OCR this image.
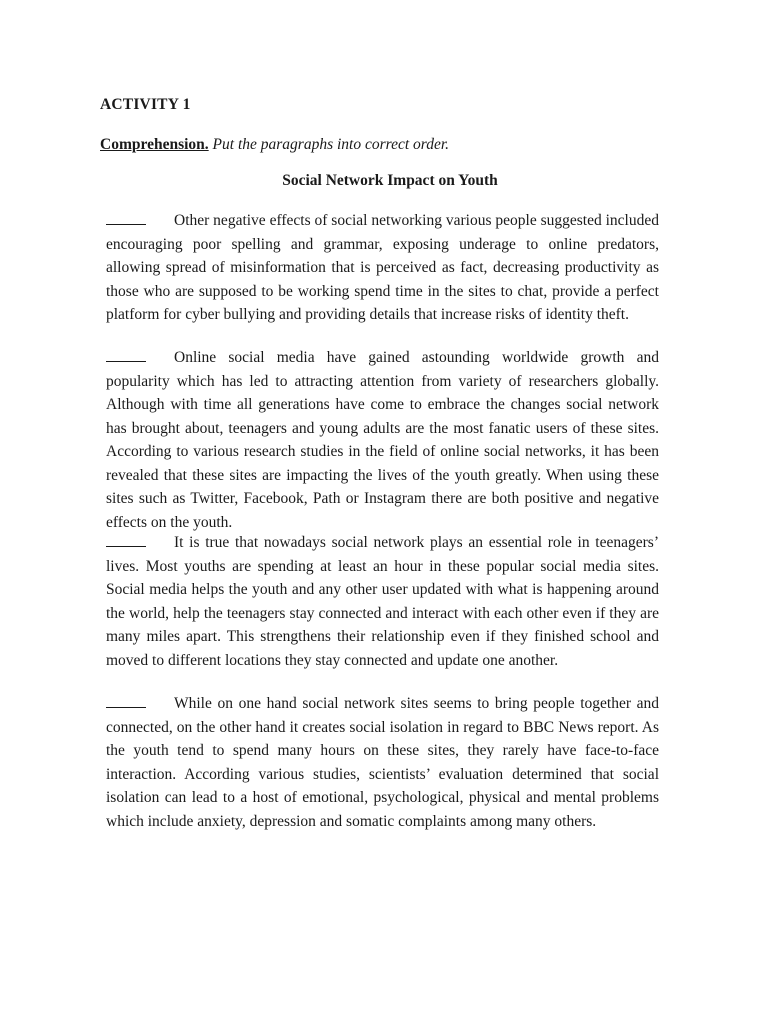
ACTIVITY 1
Comprehension. Put the paragraphs into correct order.
Social Network Impact on Youth
Other negative effects of social networking various people suggested included encouraging poor spelling and grammar, exposing underage to online predators, allowing spread of misinformation that is perceived as fact, decreasing productivity as those who are supposed to be working spend time in the sites to chat, provide a perfect platform for cyber bullying and providing details that increase risks of identity theft.
Online social media have gained astounding worldwide growth and popularity which has led to attracting attention from variety of researchers globally. Although with time all generations have come to embrace the changes social network has brought about, teenagers and young adults are the most fanatic users of these sites. According to various research studies in the field of online social networks, it has been revealed that these sites are impacting the lives of the youth greatly. When using these sites such as Twitter, Facebook, Path or Instagram there are both positive and negative effects on the youth.
It is true that nowadays social network plays an essential role in teenagers’ lives. Most youths are spending at least an hour in these popular social media sites. Social media helps the youth and any other user updated with what is happening around the world, help the teenagers stay connected and interact with each other even if they are many miles apart. This strengthens their relationship even if they finished school and moved to different locations they stay connected and update one another.
While on one hand social network sites seems to bring people together and connected, on the other hand it creates social isolation in regard to BBC News report. As the youth tend to spend many hours on these sites, they rarely have face-to-face interaction. According various studies, scientists’ evaluation determined that social isolation can lead to a host of emotional, psychological, physical and mental problems which include anxiety, depression and somatic complaints among many others.
